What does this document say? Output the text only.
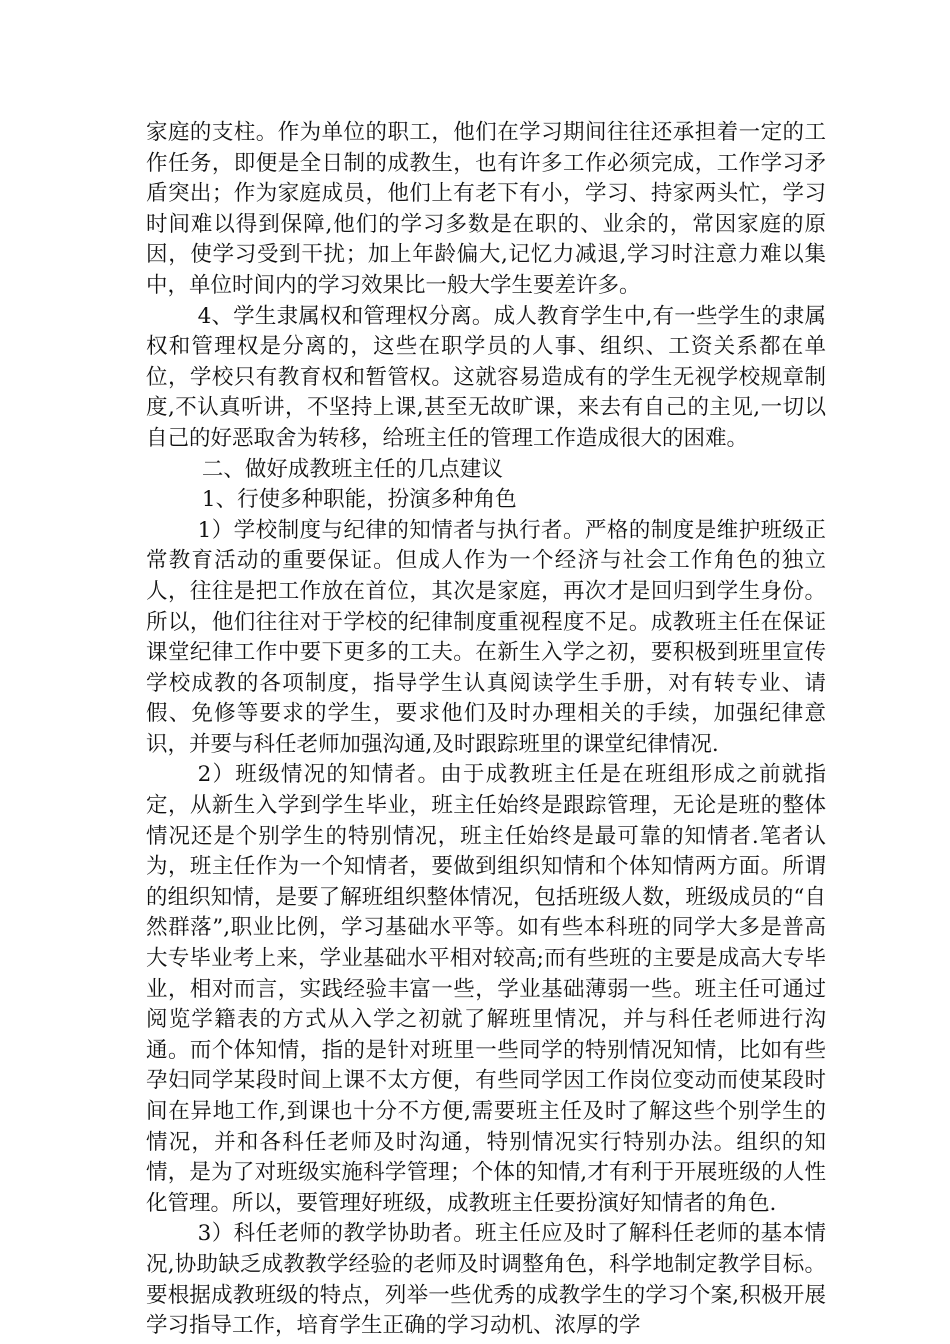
家庭的支柱。作为单位的职工，他们在学习期间往往还承担着一定的工作任务，即便是全日制的成教生，也有许多工作必须完成，工作学习矛盾突出；作为家庭成员，他们上有老下有小，学习、持家两头忙，学习时间难以得到保障,他们的学习多数是在职的、业余的，常因家庭的原因，使学习受到干扰；加上年龄偏大,记忆力减退,学习时注意力难以集中，单位时间内的学习效果比一般大学生要差许多。

4、学生隶属权和管理权分离。成人教育学生中,有一些学生的隶属权和管理权是分离的，这些在职学员的人事、组织、工资关系都在单位，学校只有教育权和暂管权。这就容易造成有的学生无视学校规章制度,不认真听讲，不坚持上课,甚至无故旷课，来去有自己的主见,一切以自己的好恶取舍为转移，给班主任的管理工作造成很大的困难。

二、做好成教班主任的几点建议

1、行使多种职能，扮演多种角色

1）学校制度与纪律的知情者与执行者。严格的制度是维护班级正常教育活动的重要保证。但成人作为一个经济与社会工作角色的独立人，往往是把工作放在首位，其次是家庭，再次才是回归到学生身份。所以，他们往往对于学校的纪律制度重视程度不足。成教班主任在保证课堂纪律工作中要下更多的工夫。在新生入学之初，要积极到班里宣传学校成教的各项制度，指导学生认真阅读学生手册，对有转专业、请假、免修等要求的学生，要求他们及时办理相关的手续，加强纪律意识，并要与科任老师加强沟通,及时跟踪班里的课堂纪律情况.

2）班级情况的知情者。由于成教班主任是在班组形成之前就指定，从新生入学到学生毕业，班主任始终是跟踪管理，无论是班的整体情况还是个别学生的特别情况，班主任始终是最可靠的知情者.笔者认为，班主任作为一个知情者，要做到组织知情和个体知情两方面。所谓的组织知情，是要了解班组织整体情况，包括班级人数，班级成员的“自然群落”,职业比例，学习基础水平等。如有些本科班的同学大多是普高大专毕业考上来，学业基础水平相对较高;而有些班的主要是成高大专毕业，相对而言，实践经验丰富一些，学业基础薄弱一些。班主任可通过阅览学籍表的方式从入学之初就了解班里情况，并与科任老师进行沟通。而个体知情，指的是针对班里一些同学的特别情况知情，比如有些孕妇同学某段时间上课不太方便，有些同学因工作岗位变动而使某段时间在异地工作,到课也十分不方便,需要班主任及时了解这些个别学生的情况，并和各科任老师及时沟通，特别情况实行特别办法。组织的知情，是为了对班级实施科学管理；个体的知情,才有利于开展班级的人性化管理。所以，要管理好班级，成教班主任要扮演好知情者的角色.

3）科任老师的教学协助者。班主任应及时了解科任老师的基本情况,协助缺乏成教教学经验的老师及时调整角色，科学地制定教学目标。要根据成教班级的特点，列举一些优秀的成教学生的学习个案,积极开展学习指导工作，培育学生正确的学习动机、浓厚的学
